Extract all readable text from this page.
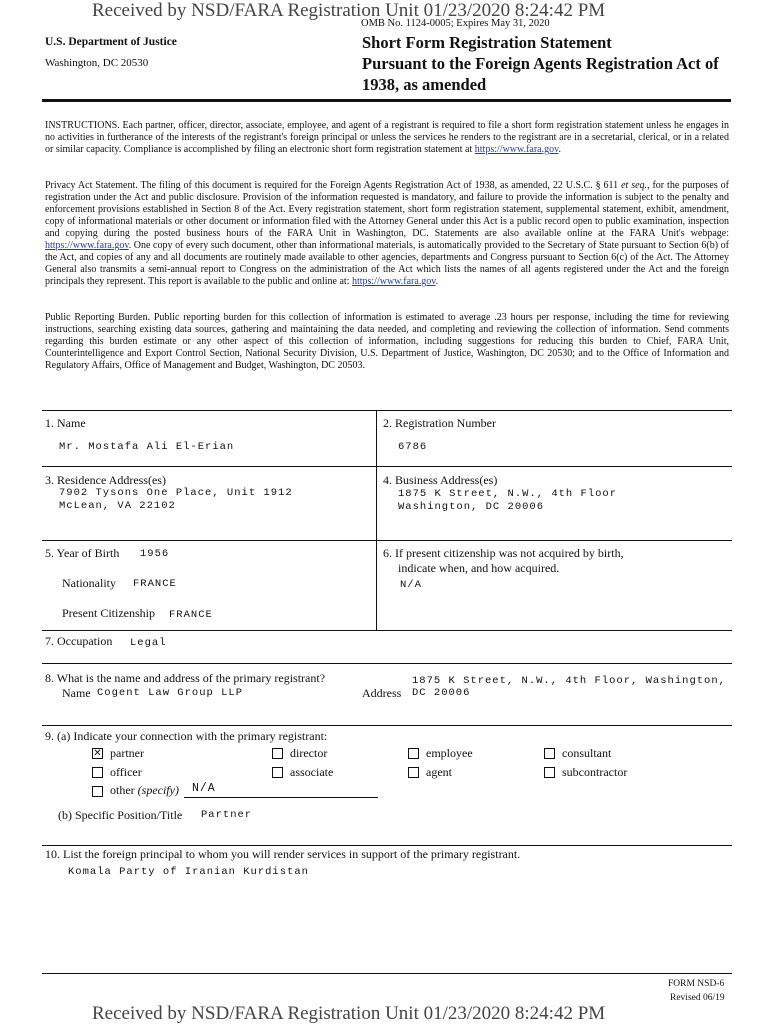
Received by NSD/FARA Registration Unit 01/23/2020 8:24:42 PM
OMB No. 1124-0005; Expires May 31, 2020
U.S. Department of Justice
Washington, DC 20530
Short Form Registration Statement
Pursuant to the Foreign Agents Registration Act of
1938, as amended
INSTRUCTIONS. Each partner, officer, director, associate, employee, and agent of a registrant is required to file a short form registration statement unless he engages in no activities in furtherance of the interests of the registrant's foreign principal or unless the services he renders to the registrant are in a secretarial, clerical, or in a related or similar capacity. Compliance is accomplished by filing an electronic short form registration statement at https://www.fara.gov.
Privacy Act Statement. The filing of this document is required for the Foreign Agents Registration Act of 1938, as amended, 22 U.S.C. § 611 et seq., for the purposes of registration under the Act and public disclosure. Provision of the information requested is mandatory, and failure to provide the information is subject to the penalty and enforcement provisions established in Section 8 of the Act. Every registration statement, short form registration statement, supplemental statement, exhibit, amendment, copy of informational materials or other document or information filed with the Attorney General under this Act is a public record open to public examination, inspection and copying during the posted business hours of the FARA Unit in Washington, DC. Statements are also available online at the FARA Unit's webpage: https://www.fara.gov. One copy of every such document, other than informational materials, is automatically provided to the Secretary of State pursuant to Section 6(b) of the Act, and copies of any and all documents are routinely made available to other agencies, departments and Congress pursuant to Section 6(c) of the Act. The Attorney General also transmits a semi-annual report to Congress on the administration of the Act which lists the names of all agents registered under the Act and the foreign principals they represent. This report is available to the public and online at: https://www.fara.gov.
Public Reporting Burden. Public reporting burden for this collection of information is estimated to average .23 hours per response, including the time for reviewing instructions, searching existing data sources, gathering and maintaining the data needed, and completing and reviewing the collection of information. Send comments regarding this burden estimate or any other aspect of this collection of information, including suggestions for reducing this burden to Chief, FARA Unit, Counterintelligence and Export Control Section, National Security Division, U.S. Department of Justice, Washington, DC 20530; and to the Office of Information and Regulatory Affairs, Office of Management and Budget, Washington, DC 20503.
1. Name
Mr. Mostafa Ali El-Erian
2. Registration Number
6786
3. Residence Address(es)
7902 Tysons One Place, Unit 1912
McLean, VA 22102
4. Business Address(es)
1875 K Street, N.W., 4th Floor
Washington, DC 20006
5. Year of Birth 1956
Nationality FRANCE
Present Citizenship FRANCE
6. If present citizenship was not acquired by birth,
indicate when, and how acquired.
N/A
7. Occupation Legal
8. What is the name and address of the primary registrant?
Name Cogent Law Group LLP	Address
1875 K Street, N.W., 4th Floor, Washington,
DC 20006
9. (a) Indicate your connection with the primary registrant:
✕ partner	director	employee	consultant
officer	associate	agent	subcontractor
other (specify) N/A
(b) Specific Position/Title Partner
10. List the foreign principal to whom you will render services in support of the primary registrant.
Komala Party of Iranian Kurdistan
FORM NSD-6
Revised 06/19
Received by NSD/FARA Registration Unit 01/23/2020 8:24:42 PM
